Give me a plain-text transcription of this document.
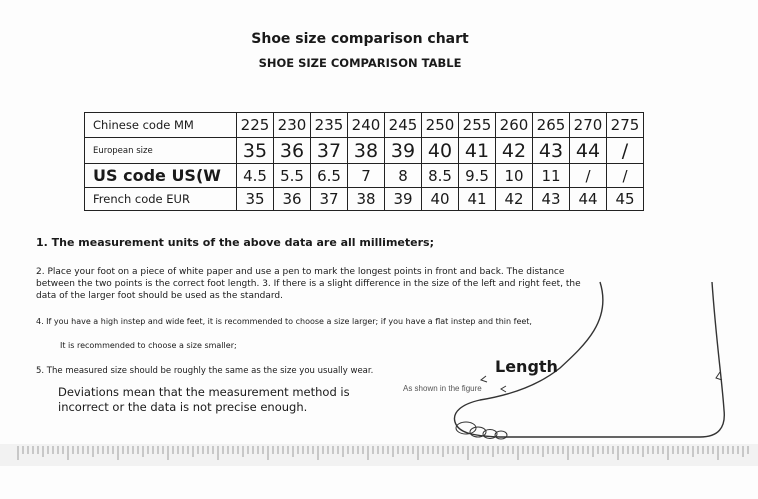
Shoe size comparison chart
SHOE SIZE COMPARISON TABLE
Chinese code MM	225	230	235	240	245	250	255	260	265	270	275
European size	35	36	37	38	39	40	41	42	43	44	/
US code US(W	4.5	5.5	6.5	7	8	8.5	9.5	10	11	/	/
French code EUR	35	36	37	38	39	40	41	42	43	44	45
1. The measurement units of the above data are all millimeters;
2. Place your foot on a piece of white paper and use a pen to mark the longest points in front and back. The distance between the two points is the correct foot length. 3. If there is a slight difference in the size of the left and right feet, the data of the larger foot should be used as the standard.
4. If you have a high instep and wide feet, it is recommended to choose a size larger; if you have a flat instep and thin feet,
It is recommended to choose a size smaller;
5. The measured size should be roughly the same as the size you usually wear.
Deviations mean that the measurement method is incorrect or the data is not precise enough.
As shown in the figure
Length
